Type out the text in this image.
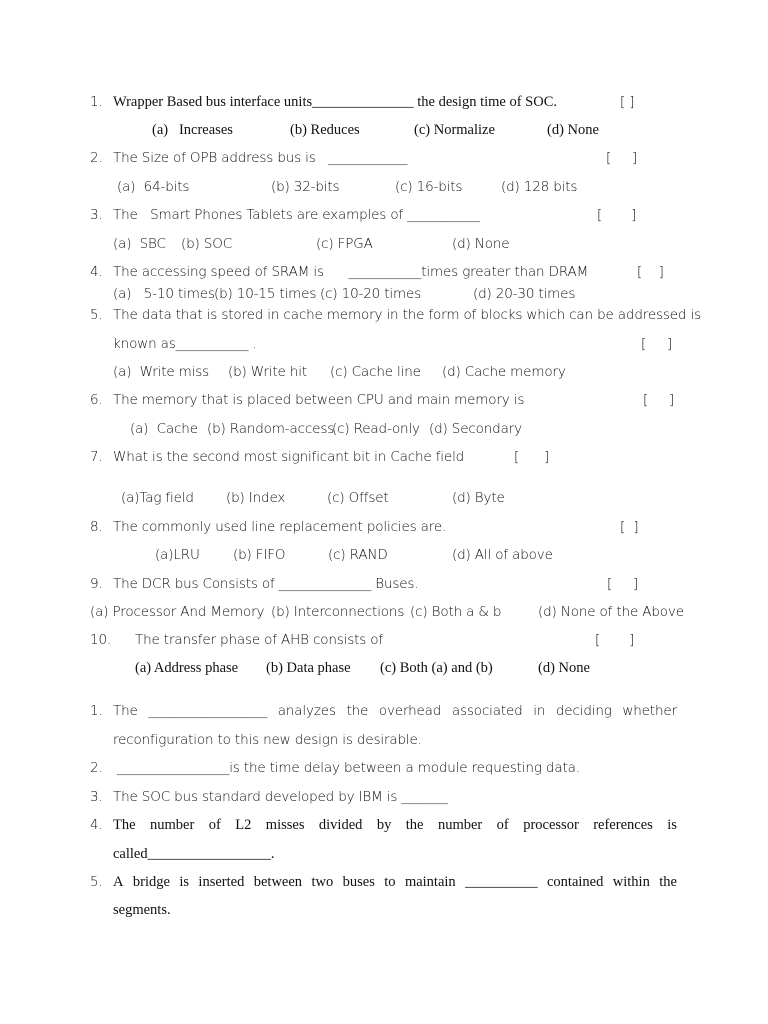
1. Wrapper Based bus interface units______________ the design time of SOC.	[ ]
(a)   Increases	(b) Reduces	(c) Normalize	(d) None
2. The Size of OPB address bus is   ____________	[     ]
(a)  64-bits	(b) 32-bits	(c) 16-bits	(d) 128 bits
3. The   Smart Phones Tablets are examples of ___________	[       ]
(a)  SBC (b) SOC	(c) FPGA	(d) None
4. The accessing speed of SRAM is      ___________times greater than DRAM	[    ]
(a)   5-10 times (b) 10-15 times (c) 10-20 times	(d) 20-30 times
5. The data that is stored in cache memory in the form of blocks which can be addressed is
known as___________ .	[     ]
(a)  Write miss (b) Write hit (c) Cache line (d) Cache memory
6. The memory that is placed between CPU and main memory is	[     ]
(a)  Cache (b) Random-access
(c) Read-only (d) Secondary
7. What is the second most significant bit in Cache field	[      ]
(a)Tag field (b) Index	(c) Offset	(d) Byte
8. The commonly used line replacement policies are.	[  ]
(a)LRU (b) FIFO	(c) RAND	(d) All of above
9. The DCR bus Consists of ______________ Buses.	[     ]
(a) Processor And Memory (b) Interconnections (c) Both a & b	(d) None of the Above
10. The transfer phase of AHB consists of	[       ]
(a) Address phase (b) Data phase (c) Both (a) and (b)	(d) None
1. The __________________ analyzes the overhead associated in deciding whether
reconfiguration to this new design is desirable.
2. _________________is the time delay between a module requesting data.
3. The SOC bus standard developed by IBM is _______
4. The number of L2 misses divided by the number of processor references is
called_________________.
5. A bridge is inserted between two buses to maintain __________ contained within the
segments.
